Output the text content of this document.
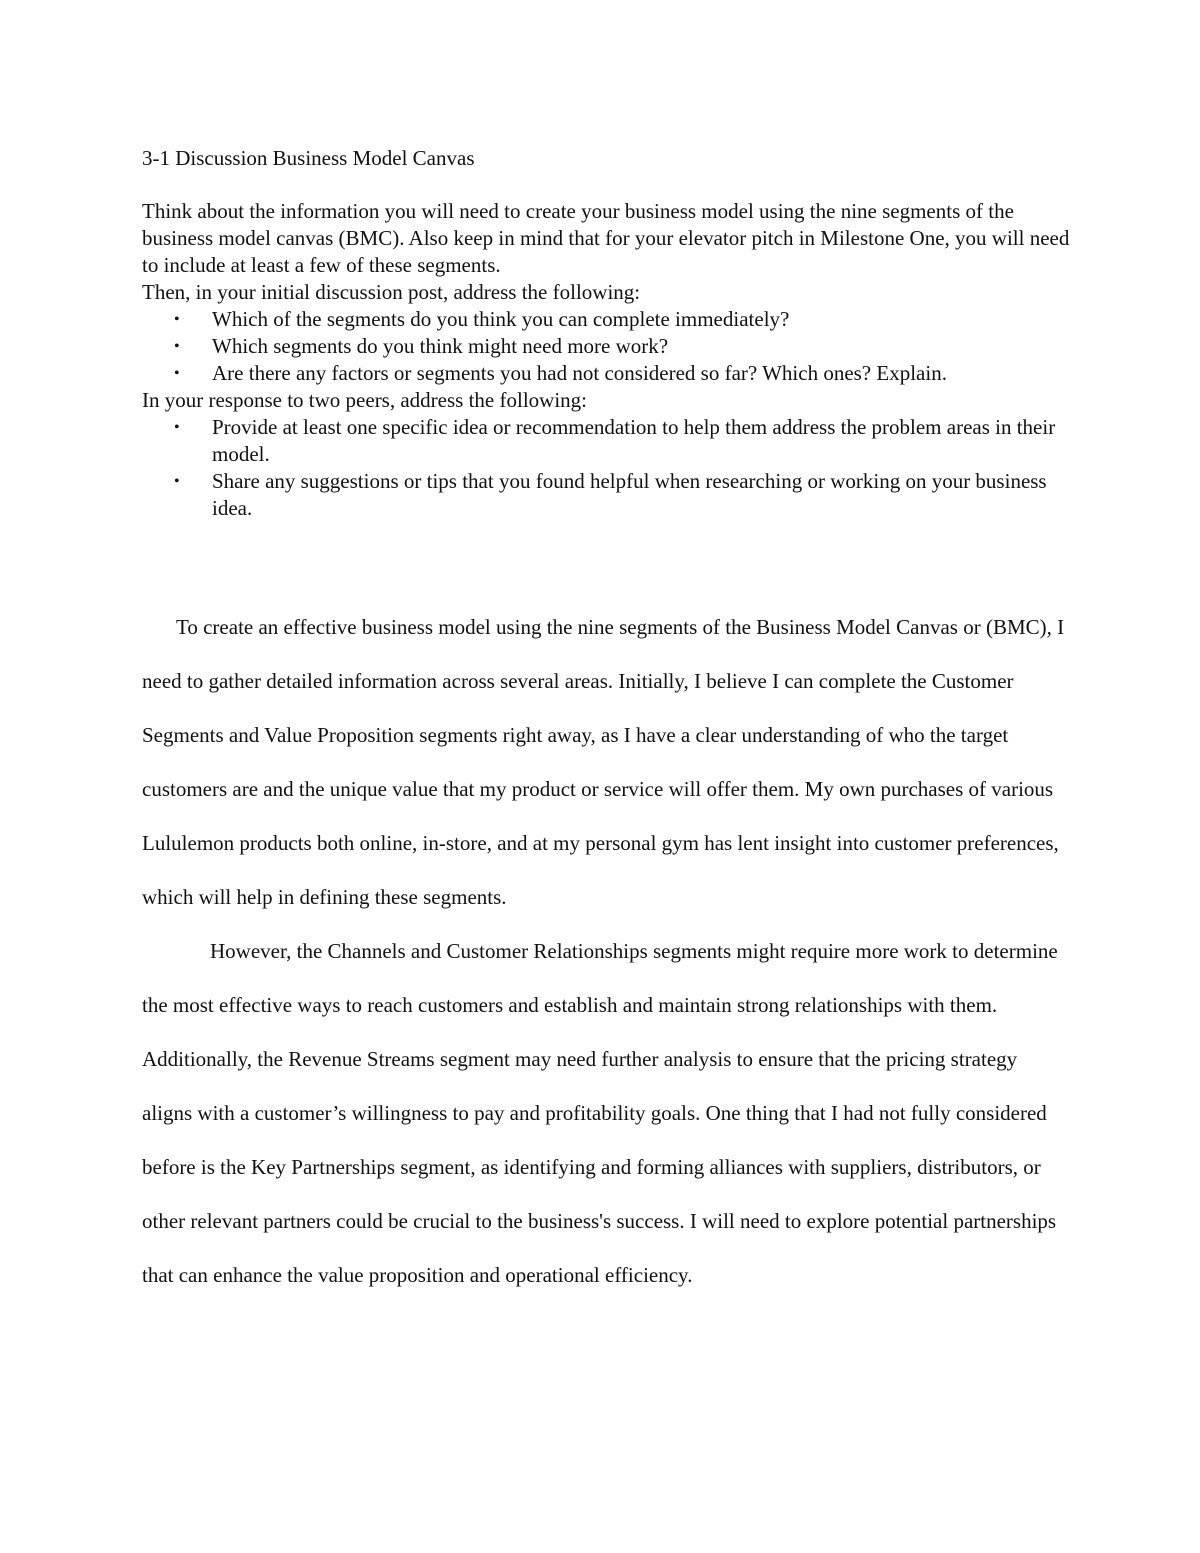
3-1 Discussion Business Model Canvas

Think about the information you will need to create your business model using the nine segments of the business model canvas (BMC). Also keep in mind that for your elevator pitch in Milestone One, you will need to include at least a few of these segments.

Then, in your initial discussion post, address the following:

• Which of the segments do you think you can complete immediately?
• Which segments do you think might need more work?
• Are there any factors or segments you had not considered so far? Which ones? Explain.

In your response to two peers, address the following:

• Provide at least one specific idea or recommendation to help them address the problem areas in their model.
• Share any suggestions or tips that you found helpful when researching or working on your business idea.

To create an effective business model using the nine segments of the Business Model Canvas or (BMC), I need to gather detailed information across several areas. Initially, I believe I can complete the Customer Segments and Value Proposition segments right away, as I have a clear understanding of who the target customers are and the unique value that my product or service will offer them. My own purchases of various Lululemon products both online, in-store, and at my personal gym has lent insight into customer preferences, which will help in defining these segments.

However, the Channels and Customer Relationships segments might require more work to determine the most effective ways to reach customers and establish and maintain strong relationships with them. Additionally, the Revenue Streams segment may need further analysis to ensure that the pricing strategy aligns with a customer’s willingness to pay and profitability goals. One thing that I had not fully considered before is the Key Partnerships segment, as identifying and forming alliances with suppliers, distributors, or other relevant partners could be crucial to the business's success. I will need to explore potential partnerships that can enhance the value proposition and operational efficiency.
